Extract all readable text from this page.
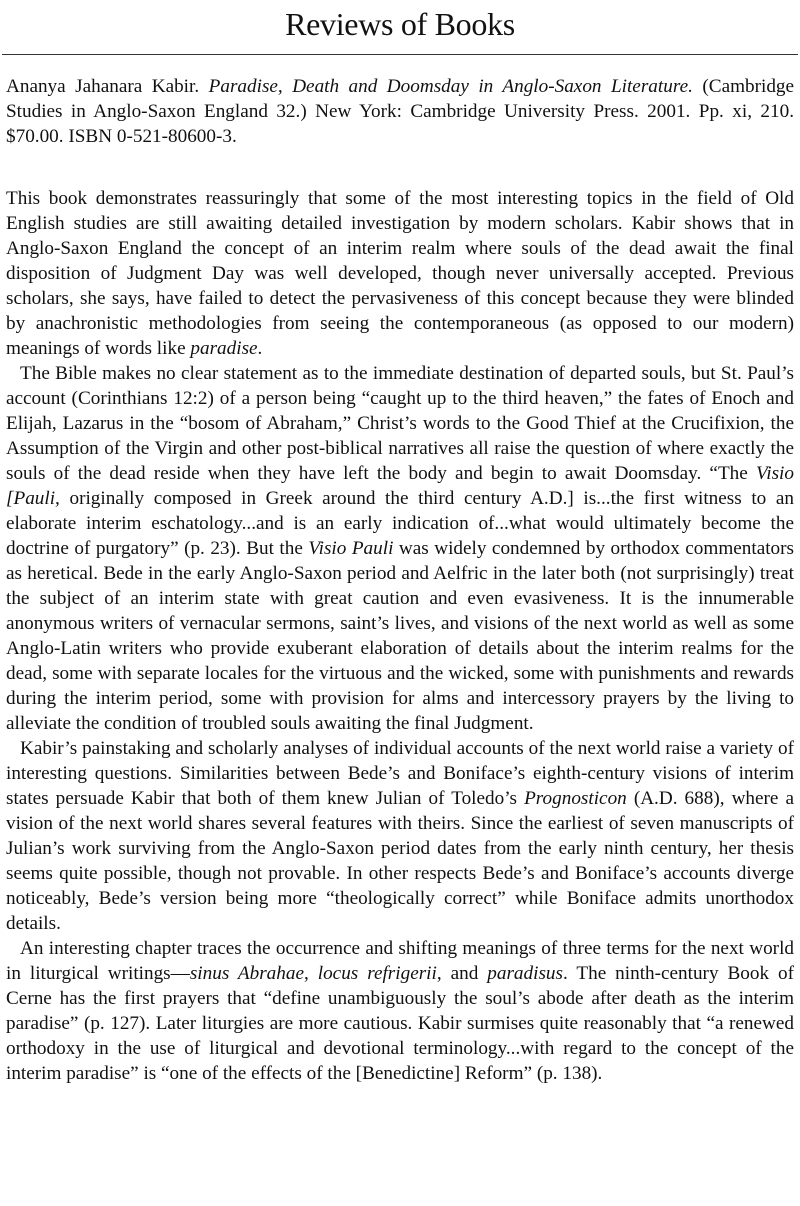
Reviews of Books
Ananya Jahanara Kabir. Paradise, Death and Doomsday in Anglo-Saxon Literature. (Cambridge Studies in Anglo-Saxon England 32.) New York: Cambridge University Press. 2001. Pp. xi, 210. $70.00. ISBN 0-521-80600-3.

This book demonstrates reassuringly that some of the most interesting topics in the field of Old English studies are still awaiting detailed investigation by modern scholars. Kabir shows that in Anglo-Saxon England the concept of an interim realm where souls of the dead await the final disposition of Judgment Day was well developed, though never universally accepted. Previous scholars, she says, have failed to detect the pervasiveness of this concept because they were blinded by anachronistic methodologies from seeing the contemporaneous (as opposed to our modern) meanings of words like paradise.

The Bible makes no clear statement as to the immediate destination of departed souls, but St. Paul’s account (Corinthians 12:2) of a person being “caught up to the third heaven,” the fates of Enoch and Elijah, Lazarus in the “bosom of Abraham,” Christ’s words to the Good Thief at the Crucifixion, the Assumption of the Virgin and other post-biblical narratives all raise the question of where exactly the souls of the dead reside when they have left the body and begin to await Doomsday. “The Visio [Pauli, originally composed in Greek around the third century A.D.] is...the first witness to an elaborate interim eschatology...and is an early indication of...what would ultimately become the doctrine of purgatory” (p. 23). But the Visio Pauli was widely condemned by orthodox commentators as heretical. Bede in the early Anglo-Saxon period and Aelfric in the later both (not surprisingly) treat the subject of an interim state with great caution and even evasiveness. It is the innumerable anonymous writers of vernacular sermons, saint’s lives, and visions of the next world as well as some Anglo-Latin writers who provide exuberant elaboration of details about the interim realms for the dead, some with separate locales for the virtuous and the wicked, some with punishments and rewards during the interim period, some with provision for alms and intercessory prayers by the living to alleviate the condition of troubled souls awaiting the final Judgment.

Kabir’s painstaking and scholarly analyses of individual accounts of the next world raise a variety of interesting questions. Similarities between Bede’s and Boniface’s eighth-century visions of interim states persuade Kabir that both of them knew Julian of Toledo’s Prognosticon (A.D. 688), where a vision of the next world shares several features with theirs. Since the earliest of seven manuscripts of Julian’s work surviving from the Anglo-Saxon period dates from the early ninth century, her thesis seems quite possible, though not provable. In other respects Bede’s and Boniface’s accounts diverge noticeably, Bede’s version being more “theologically correct” while Boniface admits unorthodox details.

An interesting chapter traces the occurrence and shifting meanings of three terms for the next world in liturgical writings—sinus Abrahae, locus refrigerii, and paradisus. The ninth-century Book of Cerne has the first prayers that “define unambiguously the soul’s abode after death as the interim paradise” (p. 127). Later liturgies are more cautious. Kabir surmises quite reasonably that “a renewed orthodoxy in the use of liturgical and devotional terminology...with regard to the concept of the interim paradise” is “one of the effects of the [Benedictine] Reform” (p. 138).
